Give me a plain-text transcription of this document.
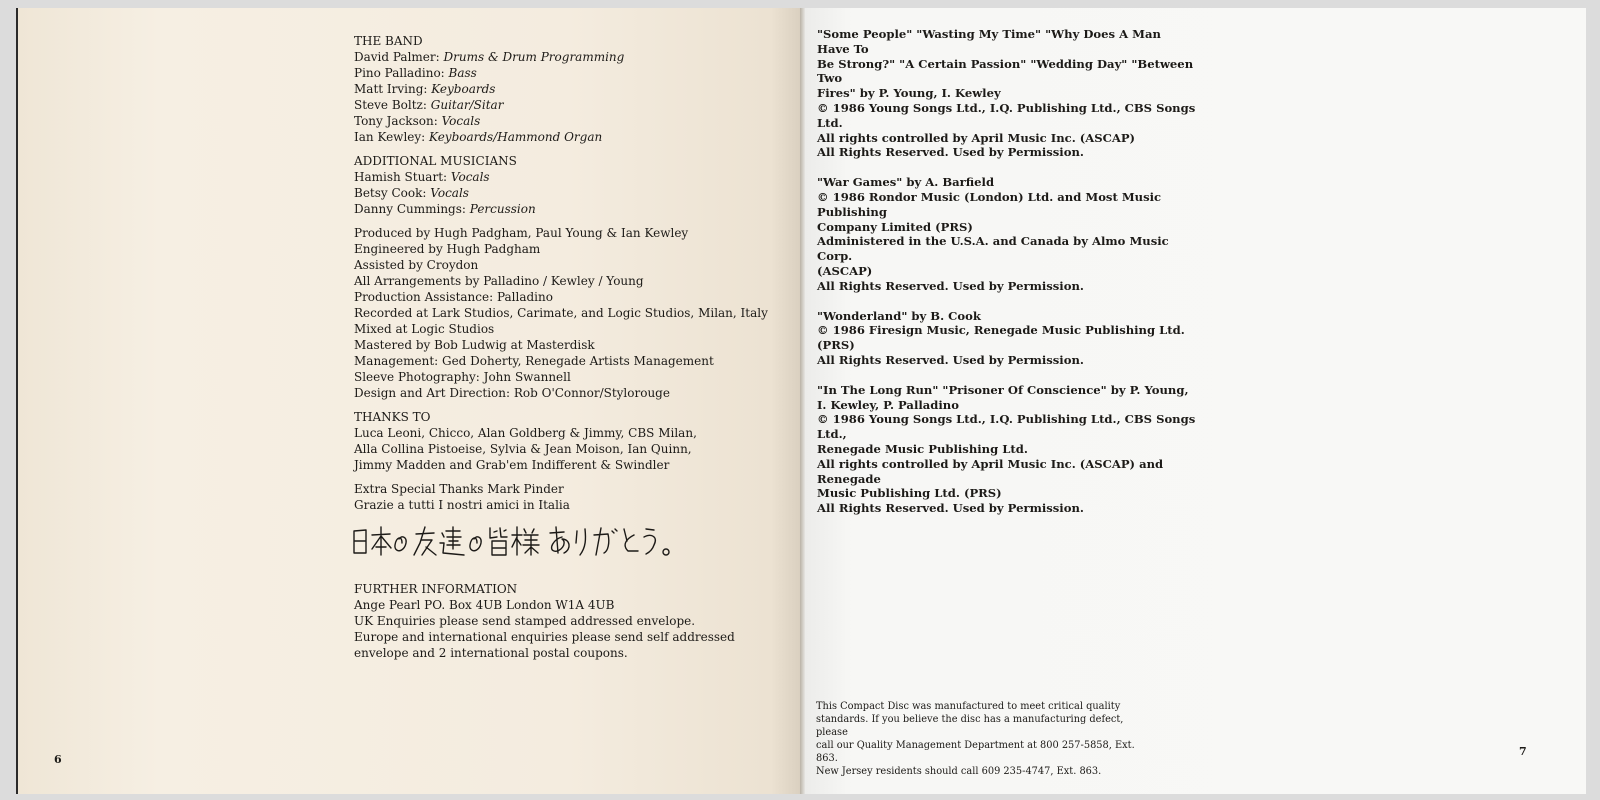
THE BAND

David Palmer: Drums & Drum Programming

Pino Palladino: Bass

Matt Irving: Keyboards

Steve Boltz: Guitar/Sitar

Tony Jackson: Vocals

Ian Kewley: Keyboards/Hammond Organ

ADDITIONAL MUSICIANS

Hamish Stuart: Vocals

Betsy Cook: Vocals

Danny Cummings: Percussion

Produced by Hugh Padgham, Paul Young & Ian Kewley

Engineered by Hugh Padgham

Assisted by Croydon

All Arrangements by Palladino / Kewley / Young

Production Assistance: Palladino

Recorded at Lark Studios, Carimate, and Logic Studios, Milan, Italy

Mixed at Logic Studios

Mastered by Bob Ludwig at Masterdisk

Management: Ged Doherty, Renegade Artists Management

Sleeve Photography: John Swannell

Design and Art Direction: Rob O'Connor/Stylorouge

THANKS TO

Luca Leoni, Chicco, Alan Goldberg & Jimmy, CBS Milan,

Alla Collina Pistoeise, Sylvia & Jean Moison, Ian Quinn,

Jimmy Madden and Grab'em Indifferent & Swindler

Extra Special Thanks Mark Pinder

Grazie a tutti I nostri amici in Italia

FURTHER INFORMATION

Ange Pearl PO. Box 4UB London W1A 4UB

UK Enquiries please send stamped addressed envelope.

Europe and international enquiries please send self addressed

envelope and 2 international postal coupons.

6

"Some People" "Wasting My Time" "Why Does A Man Have To

Be Strong?" "A Certain Passion" "Wedding Day" "Between Two

Fires" by P. Young, I. Kewley

© 1986 Young Songs Ltd., I.Q. Publishing Ltd., CBS Songs Ltd.

All rights controlled by April Music Inc. (ASCAP)

All Rights Reserved. Used by Permission.

"War Games" by A. Barfield

© 1986 Rondor Music (London) Ltd. and Most Music Publishing

Company Limited (PRS)

Administered in the U.S.A. and Canada by Almo Music Corp.

(ASCAP)

All Rights Reserved. Used by Permission.

"Wonderland" by B. Cook

© 1986 Firesign Music, Renegade Music Publishing Ltd. (PRS)

All Rights Reserved. Used by Permission.

"In The Long Run" "Prisoner Of Conscience" by P. Young,

I. Kewley, P. Palladino

© 1986 Young Songs Ltd., I.Q. Publishing Ltd., CBS Songs Ltd.,

Renegade Music Publishing Ltd.

All rights controlled by April Music Inc. (ASCAP) and Renegade

Music Publishing Ltd. (PRS)

All Rights Reserved. Used by Permission.

This Compact Disc was manufactured to meet critical quality

standards. If you believe the disc has a manufacturing defect, please

call our Quality Management Department at 800 257-5858, Ext. 863.

New Jersey residents should call 609 235-4747, Ext. 863.

7
